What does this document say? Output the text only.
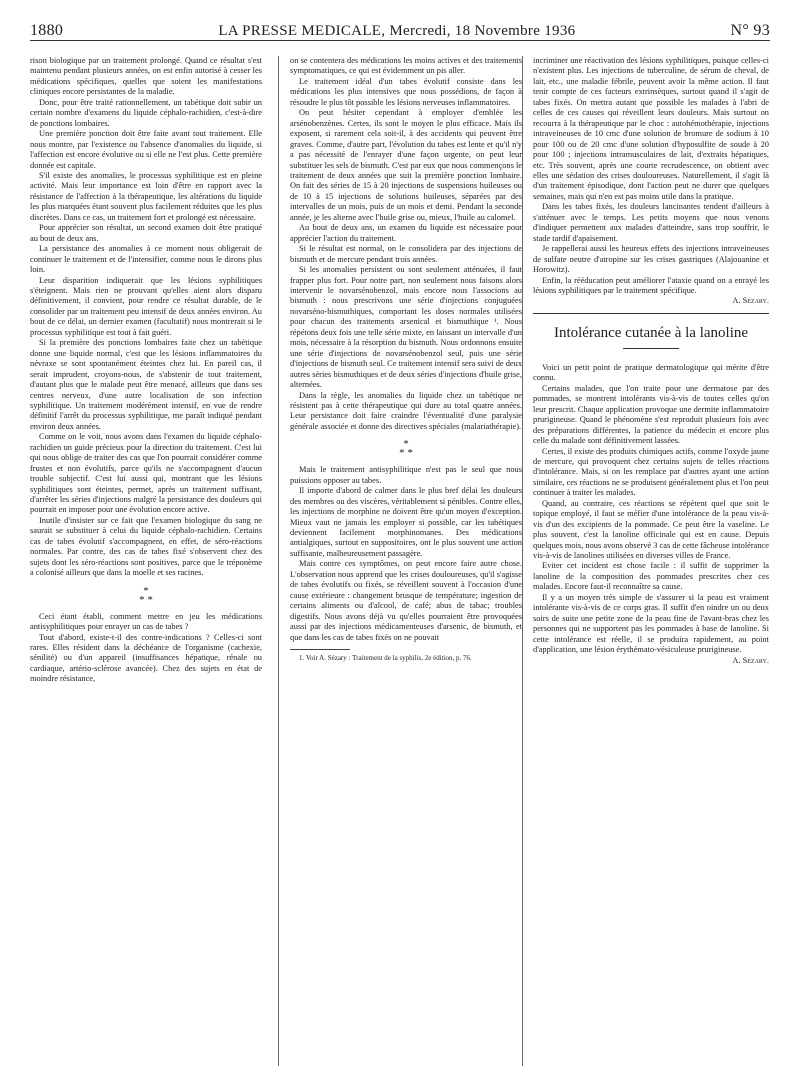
1880	LA PRESSE MEDICALE, Mercredi, 18 Novembre 1936	N° 93

rison biologique par un traitement prolongé. Quand ce résultat s'est maintenu pendant plusieurs années, on est enfin autorisé à cesser les médications spécifiques, quelles que soient les manifestations cliniques encore persistantes de la maladie.

Donc, pour être traité rationnellement, un tabétique doit subir un certain nombre d'examens du liquide céphalo-rachidien, c'est-à-dire de ponctions lombaires.

Une première ponction doit être faite avant tout traitement. Elle nous montre, par l'existence ou l'absence d'anomalies du liquide, si l'affection est encore évolutive ou si elle ne l'est plus. Cette première donnée est capitale.

S'il existe des anomalies, le processus syphilitique est en pleine activité. Mais leur importance est loin d'être en rapport avec la résistance de l'affection à la thérapeutique, les altérations du liquide les plus marquées étant souvent plus facilement réduites que les plus discrètes. Dans ce cas, un traitement fort et prolongé est nécessaire.

Pour apprécier son résultat, un second examen doit être pratiqué au bout de deux ans.

La persistance des anomalies à ce moment nous obligerait de continuer le traitement et de l'intensifier, comme nous le dirons plus loin.

Leur disparition indiquerait que les lésions syphilitiques s'éteignent. Mais rien ne prouvant qu'elles aient alors disparu définitivement, il convient, pour rendre ce résultat durable, de le consolider par un traitement peu intensif de deux années environ. Au bout de ce délai, un dernier examen (facultatif) nous montrerait si le processus syphilitique est tout à fait guéri.

Si la première des ponctions lombaires faite chez un tabétique donne une liquide normal, c'est que les lésions inflammatoires du névraxe se sont spontanément éteintes chez lui. En pareil cas, il serait imprudent, croyons-nous, de s'abstenir de tout traitement, d'autant plus que le malade peut être menacé, ailleurs que dans ses centres nerveux, d'une autre localisation de son infection syphilitique. Un traitement modérément intensif, en vue de rendre définitif l'arrêt du processus syphilitique, me paraît indiqué pendant environ deux années.

Comme on le voit, nous avons dans l'examen du liquide céphalo-rachidien un guide précieux pour la direction du traitement. C'est lui qui nous oblige de traiter des cas que l'on pourrait considérer comme frustes et non évolutifs, parce qu'ils ne s'accompagnent d'aucun trouble subjectif. C'est lui aussi qui, montrant que les lésions syphilitiques sont éteintes, permet, après un traitement suffisant, d'arrêter les séries d'injections malgré la persistance des douleurs qui pourrait en imposer pour une évolution encore active.

Inutile d'insister sur ce fait que l'examen biologique du sang ne saurait se substituer à celui du liquide céphalo-rachidien. Certains cas de tabes évolutif s'accompagnent, en effet, de séro-réactions normales. Par contre, des cas de tabes fixé s'observent chez des sujets dont les séro-réactions sont positives, parce que le tréponème a colonisé ailleurs que dans la moelle et ses racines.

*
* *

Ceci étant établi, comment mettre en jeu les médications antisyphilitiques pour enrayer un cas de tabes ?

Tout d'abord, existe-t-il des contre-indications ? Celles-ci sont rares. Elles résident dans la déchéance de l'organisme (cachexie, sénilité) ou d'un appareil (insuffisances hépatique, rénale ou cardiaque, artério-sclérose avancée). Chez des sujets en état de moindre résistance,

on se contentera des médications les moins actives et des traitements symptomatiques, ce qui est évidemment un pis aller.

Le traitement idéal d'un tabes évolutif consiste dans les médications les plus intensives que nous possédions, de façon à résoudre le plus tôt possible les lésions nerveuses inflammatoires.

On peut hésiter cependant à employer d'emblée les arsénobenzènes. Certes, ils sont le moyen le plus efficace. Mais ils exposent, si rarement cela soit-il, à des accidents qui peuvent être graves. Comme, d'autre part, l'évolution du tabes est lente et qu'il n'y a pas nécessité de l'enrayer d'une façon urgente, on peut leur substituer les sels de bismuth. C'est par eux que nous commençons le traitement de deux années que suit la première ponction lombaire. On fait des séries de 15 à 20 injections de suspensions huileuses ou de 10 à 15 injections de solutions huileuses, séparées par des intervalles de un mois, puis de un mois et demi. Pendant la seconde année, je les alterne avec l'huile grise ou, mieux, l'huile au calomel.

Au bout de deux ans, un examen du liquide est nécessaire pour apprécier l'action du traitement.

Si le résultat est normal, on le consolidera par des injections de bismuth et de mercure pendant trois années.

Si les anomalies persistent ou sont seulement atténuées, il faut frapper plus fort. Pour notre part, non seulement nous faisons alors intervenir le novarsénobenzol, mais encore nous l'associons au bismuth : nous prescrivons une série d'injections conjuguées novarséno-bismuthiques, comportant les doses normales utilisées pour chacun des traitements arsenical et bismuthique ¹. Nous répétons deux fois une telle série mixte, en laissant un intervalle d'un mois, nécessaire à la résorption du bismuth. Nous ordonnons ensuite une série d'injections de novarsénobenzol seul, puis une série d'injections de bismuth seul. Ce traitement intensif sera suivi de deux autres séries bismuthiques et de deux séries d'injections d'huile grise, alternées.

Dans la règle, les anomalies du liquide chez un tabétique ne résistent pas à cette thérapeutique qui dure au total quatre années. Leur persistance doit faire craindre l'éventualité d'une paralysie générale associée et donne des directives spéciales (malariathérapie).

*
* *

Mais le traitement antisyphilitique n'est pas le seul que nous puissions opposer au tabes.

Il importe d'abord de calmer dans le plus bref délai les douleurs des membres ou des viscères, véritablement si pénibles. Contre elles, les injections de morphine ne doivent être qu'un moyen d'exception. Mieux vaut ne jamais les employer si possible, car les tabétiques deviennent facilement morphinomanes. Des médications antialgiques, surtout en suppositoires, ont le plus souvent une action suffisante, malheureusement passagère.

Mais contre ces symptômes, on peut encore faire autre chose. L'observation nous apprend que les crises douloureuses, qu'il s'agisse de tabes évolutifs ou fixés, se réveillent souvent à l'occasion d'une cause extérieure : changement brusque de température; ingestion de certains aliments ou d'alcool, de café; abus de tabac; troubles digestifs. Nous avons déjà vu qu'elles pourraient être provoquées aussi par des injections médicamenteuses d'arsenic, de bismuth, et que dans les cas de tabes fixés on ne pouvait

1. Voir A. Sézary : Traitement de la syphilis, 2e édition, p. 76.

incriminer une réactivation des lésions syphilitiques, puisque celles-ci n'existent plus. Les injections de tuberculine, de sérum de cheval, de lait, etc., une maladie fébrile, peuvent avoir la même action. Il faut tenir compte de ces facteurs extrinsèques, surtout quand il s'agit de tabes fixés. On mettra autant que possible les malades à l'abri de celles de ces causes qui réveillent leurs douleurs. Mais surtout on recourra à la thérapeutique par le choc : autohémothérapie, injections intraveineuses de 10 cmc d'une solution de bromure de sodium à 10 pour 100 ou de 20 cmc d'une solution d'hyposulfite de soude à 20 pour 100 ; injections intramusculaires de lait, d'extraits hépatiques, etc. Très souvent, après une courte recrudescence, on obtient avec elles une sédation des crises douloureuses. Naturellement, il s'agit là d'un traitement épisodique, dont l'action peut ne durer que quelques semaines, mais qui n'en est pas moins utile dans la pratique.

Dans les tabes fixés, les douleurs lancinantes tendent d'ailleurs à s'atténuer avec le temps. Les petits moyens que nous venons d'indiquer permettent aux malades d'atteindre, sans trop souffrir, le stade tardif d'apaisement.

Je rappellerai aussi les heureux effets des injections intraveineuses de sulfate neutre d'atropine sur les crises gastriques (Alajouanine et Horowitz).

Enfin, la rééducation peut améliorer l'ataxie quand on a enrayé les lésions syphilitiques par le traitement spécifique.

A. Sézary.

Intolérance cutanée à la lanoline

Voici un petit point de pratique dermatologique qui mérite d'être connu.

Certains malades, que l'on traite pour une dermatose par des pommades, se montrent intolérants vis-à-vis de toutes celles qu'on leur prescrit. Chaque application provoque une dermite inflammatoire prurigineuse. Quand le phénomène s'est reproduit plusieurs fois avec des préparations différentes, la patience du médecin et encore plus celle du malade sont définitivement lassées.

Certes, il existe des produits chimiques actifs, comme l'oxyde jaune de mercure, qui provoquent chez certains sujets de telles réactions d'intolérance. Mais, si on les remplace par d'autres ayant une action similaire, ces réactions ne se produisent généralement plus et l'on peut continuer à traiter les malades.

Quand, au contraire, ces réactions se répètent quel que soit le topique employé, il faut se méfier d'une intolérance de la peau vis-à-vis d'un des excipients de la pommade. Ce peut être la vaseline. Le plus souvent, c'est la lanoline officinale qui est en cause. Depuis quelques mois, nous avons observé 3 cas de cette fâcheuse intolérance vis-à-vis de lanolines utilisées en diverses villes de France.

Eviter cet incident est chose facile : il suffit de supprimer la lanoline de la composition des pommades prescrites chez ces malades. Encore faut-il reconnaître sa cause.

Il y a un moyen très simple de s'assurer si la peau est vraiment intolérante vis-à-vis de ce corps gras. Il suffit d'en oindre un ou deux soirs de suite une petite zone de la peau fine de l'avant-bras chez les personnes qui ne supportent pas les pommades à base de lanoline. Si cette intolérance est réelle, il se produira rapidement, au point d'application, une lésion érythémato-vésiculeuse prurigineuse.

A. Sézary.
